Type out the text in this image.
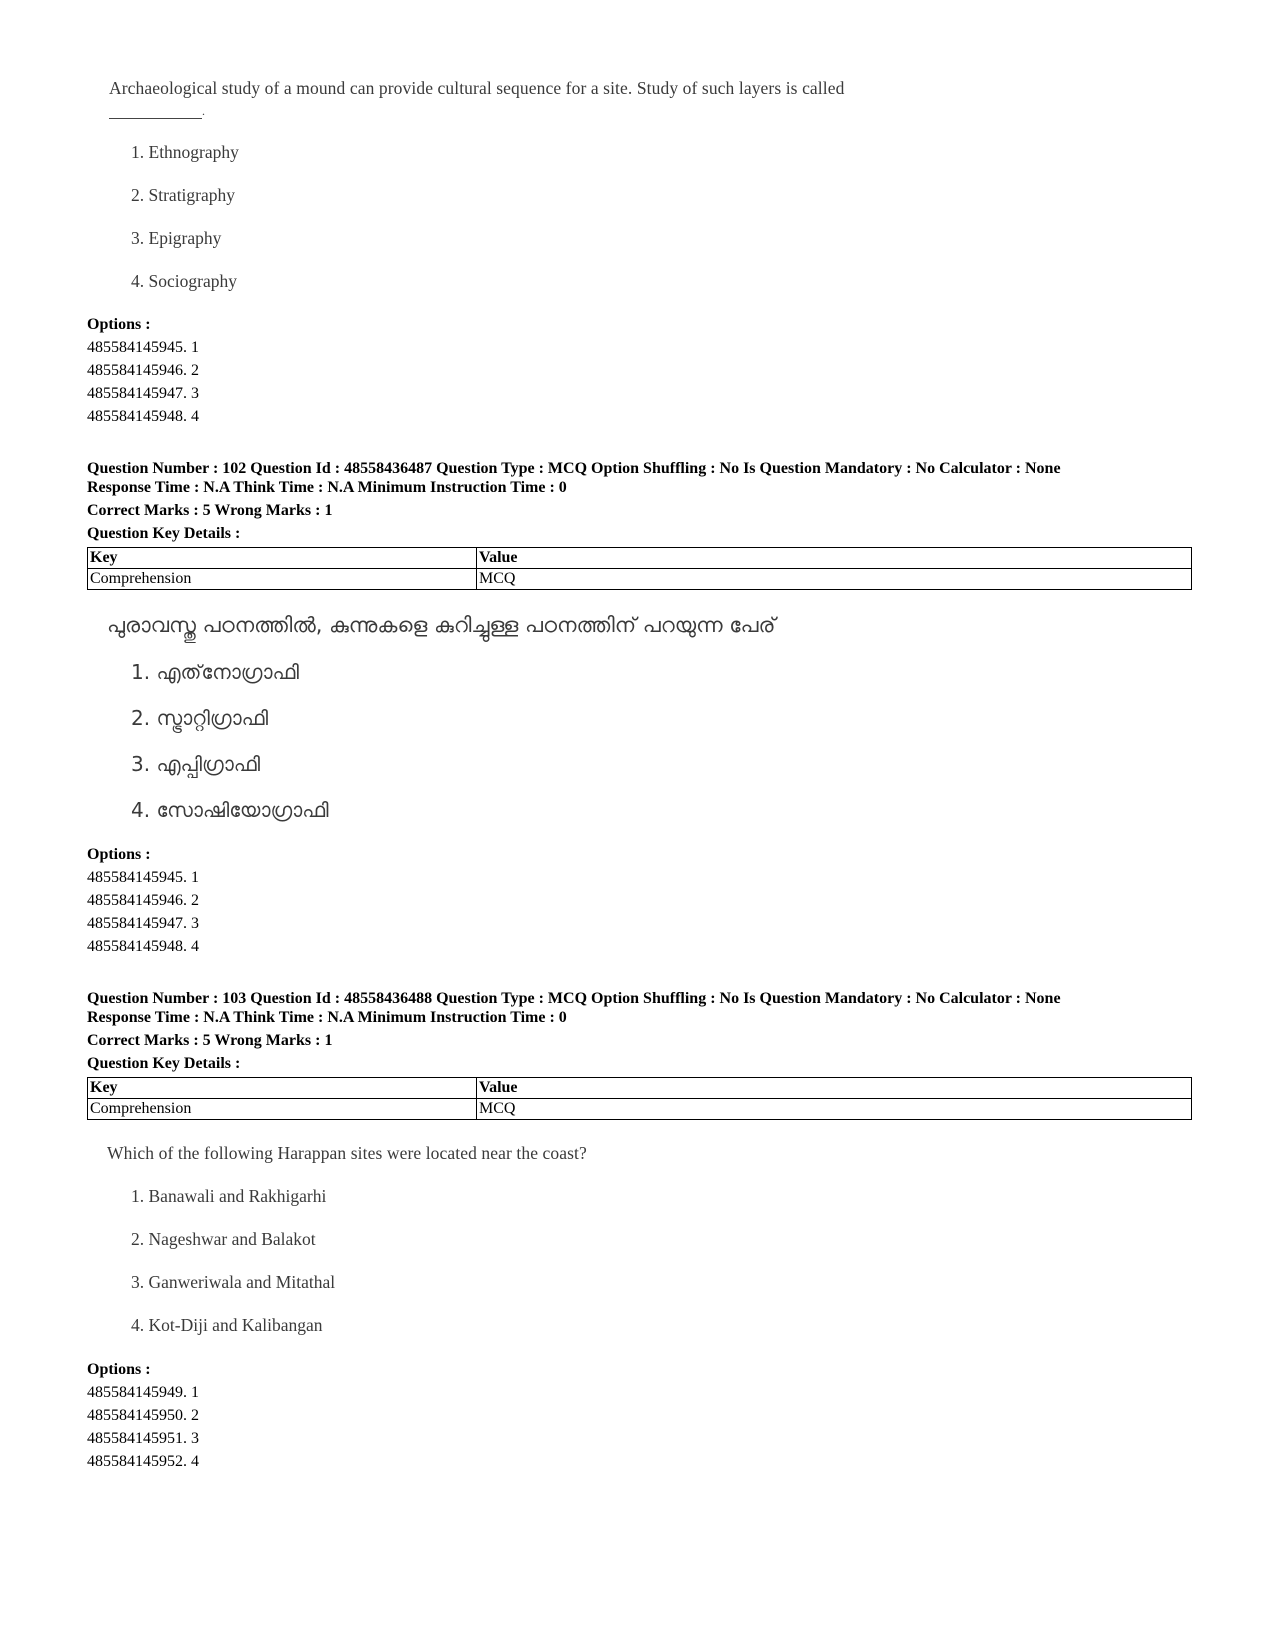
Archaeological study of a mound can provide cultural sequence for a site. Study of such layers is called
.
1. Ethnography
2. Stratigraphy
3. Epigraphy
4. Sociography
Options :
485584145945. 1
485584145946. 2
485584145947. 3
485584145948. 4
Question Number : 102 Question Id : 48558436487 Question Type : MCQ Option Shuffling : No Is Question Mandatory : No Calculator : None
Response Time : N.A Think Time : N.A Minimum Instruction Time : 0
Correct Marks : 5 Wrong Marks : 1
Question Key Details :
Key	Value
Comprehension	MCQ
പുരാവസ്തു പഠനത്തിൽ, കുന്നുകളെ കുറിച്ചുള്ള പഠനത്തിന് പറയുന്ന പേര്
1. എത്‌നോഗ്രാഫി
2. സ്ട്രാറ്റിഗ്രാഫി
3. എപ്പിഗ്രാഫി
4. സോഷിയോഗ്രാഫി
Options :
485584145945. 1
485584145946. 2
485584145947. 3
485584145948. 4
Question Number : 103 Question Id : 48558436488 Question Type : MCQ Option Shuffling : No Is Question Mandatory : No Calculator : None
Response Time : N.A Think Time : N.A Minimum Instruction Time : 0
Correct Marks : 5 Wrong Marks : 1
Question Key Details :
Key	Value
Comprehension	MCQ
Which of the following Harappan sites were located near the coast?
1. Banawali and Rakhigarhi
2. Nageshwar and Balakot
3. Ganweriwala and Mitathal
4. Kot-Diji and Kalibangan
Options :
485584145949. 1
485584145950. 2
485584145951. 3
485584145952. 4
